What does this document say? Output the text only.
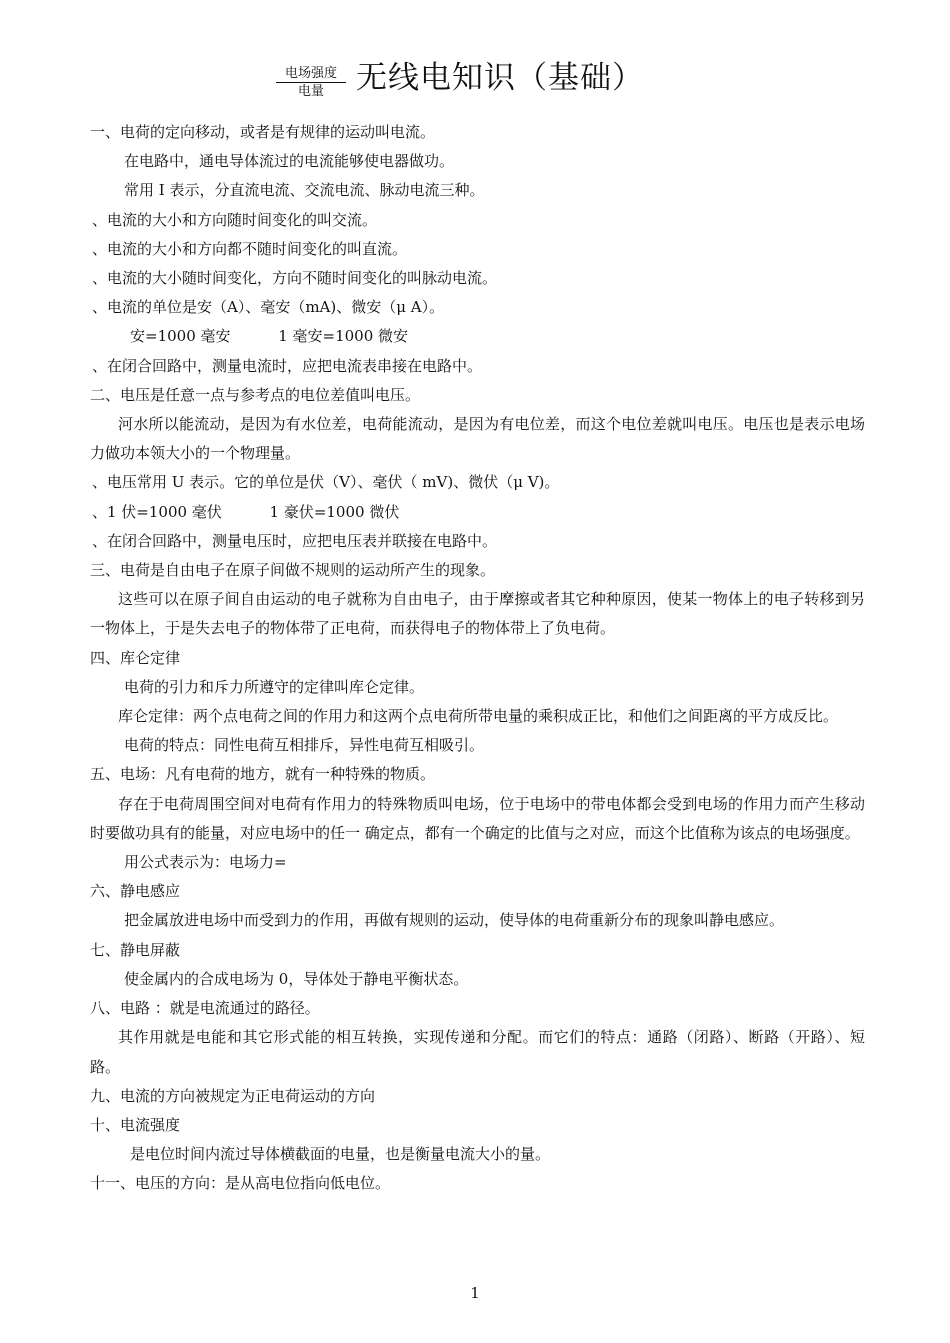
电场强度
电量	无线电知识（基础）
一、电荷的定向移动，或者是有规律的运动叫电流。
在电路中，通电导体流过的电流能够使电器做功。
常用 I 表示，分直流电流、交流电流、脉动电流三种。
、电流的大小和方向随时间变化的叫交流。
、电流的大小和方向都不随时间变化的叫直流。
、电流的大小随时间变化，方向不随时间变化的叫脉动电流。
、电流的单位是安（A）、毫安（mA)、微安（μ A）。
安=1000 毫安          1 毫安=1000 微安
、在闭合回路中，测量电流时，应把电流表串接在电路中。
二、电压是任意一点与参考点的电位差值叫电压。
河水所以能流动，是因为有水位差，电荷能流动，是因为有电位差，而这个电位差就叫电压。电压也是表示电场力做功本领大小的一个物理量。
、电压常用 U 表示。它的单位是伏（V）、毫伏（ mV)、微伏（μ V)。
、1 伏=1000 毫伏          1 豪伏=1000 微伏
、在闭合回路中，测量电压时，应把电压表并联接在电路中。
三、电荷是自由电子在原子间做不规则的运动所产生的现象。
这些可以在原子间自由运动的电子就称为自由电子，由于摩擦或者其它种种原因，使某一物体上的电子转移到另一物体上，于是失去电子的物体带了正电荷，而获得电子的物体带上了负电荷。
四、库仑定律
电荷的引力和斥力所遵守的定律叫库仑定律。
库仑定律：两个点电荷之间的作用力和这两个点电荷所带电量的乘积成正比，和他们之间距离的平方成反比。
电荷的特点：同性电荷互相排斥，异性电荷互相吸引。
五、电场：凡有电荷的地方，就有一种特殊的物质。
存在于电荷周围空间对电荷有作用力的特殊物质叫电场，位于电场中的带电体都会受到电场的作用力而产生移动时要做功具有的能量，对应电场中的任一 确定点，都有一个确定的比值与之对应，而这个比值称为该点的电场强度。
用公式表示为：电场力=
六、静电感应
把金属放进电场中而受到力的作用，再做有规则的运动，使导体的电荷重新分布的现象叫静电感应。
七、静电屏蔽
使金属内的合成电场为 0，导体处于静电平衡状态。
八、电路 ：就是电流通过的路径。
其作用就是电能和其它形式能的相互转换，实现传递和分配。而它们的特点：通路（闭路）、断路（开路）、短路。
九、电流的方向被规定为正电荷运动的方向
十、电流强度
是电位时间内流过导体横截面的电量，也是衡量电流大小的量。
十一、电压的方向：是从高电位指向低电位。
1
